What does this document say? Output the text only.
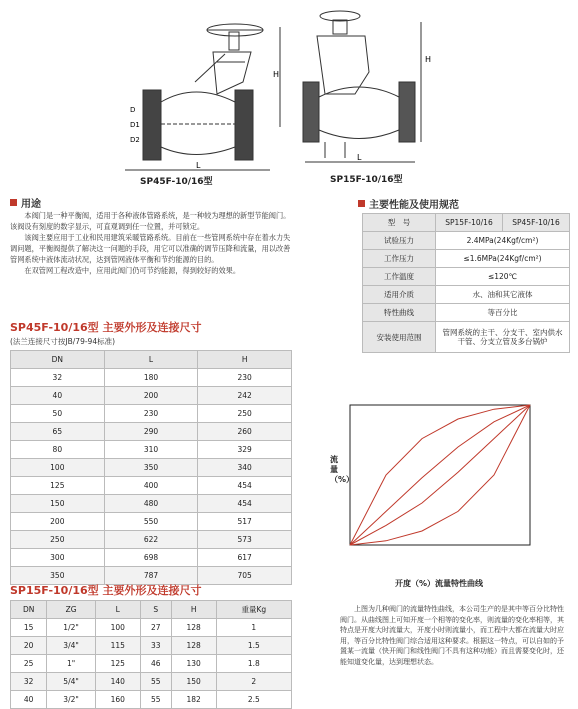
L
H
D
D1
D2
SP45F-10/16型
H
L
SP15F-10/16型
用途
本阀门是一种平衡阀，适用于各种液体管路系统，是一种较为理想的新型节能阀门。该阀设有刻度的数字显示，可直观调到任一位置，并可锁定。
该阀主要应用于工业和民用建筑采暖管路系统。目前在一些管网系统中存在着水力失调问题，平衡阀提供了解决这一问题的手段，用它可以准确的调节压降和流量，用以改善管网系统中液体流动状况，达到管网液体平衡和节约能源的目的。
在双管网工程改造中，应用此阀门仍可节约能源，得到较好的效果。
主要性能及使用规范
型　号	SP15F-10/16	SP45F-10/16
试验压力	2.4MPa(24Kgf/cm²)	
工作压力	≤1.6MPa(24Kgf/cm²)	
工作温度	≤120℃	
适用介质	水、油和其它液体	
特性曲线	等百分比	
安装使用范围	管网系统的主干、分支干、室内供水干管、分支立管及多台锅炉	
SP45F-10/16型 主要外形及连接尺寸
(法兰连接尺寸按JB/79-94标准)
DN	L	H
32	180	230
40	200	242
50	230	250
65	290	260
80	310	329
100	350	340
125	400	454
150	480	454
200	550	517
250	622	573
300	698	617
350	787	705
SP15F-10/16型 主要外形及连接尺寸
DN	ZG	L	S	H	重量Kg
15	1/2"	100	27	128	1
20	3/4"	115	33	128	1.5
25	1"	125	46	130	1.8
32	5/4"	140	55	150	2
40	3/2"	160	55	182	2.5
流量（%）
开度（%）流量特性曲线
上图为几种阀门的流量特性曲线，本公司生产的是其中等百分比特性阀门。从曲线图上可知开度一个相等的变化率，则流量的变化率相等，其特点是开度大时流量大，开度小时则流量小，而工程中大都在流量大时应用，等百分比特性阀门综合适用这种要求。根据这一特点，可以自如的予置某一流量（快开阀门和线性阀门不具有这种功能）而且需要变化时，还能知道变化量，达到理想状态。
